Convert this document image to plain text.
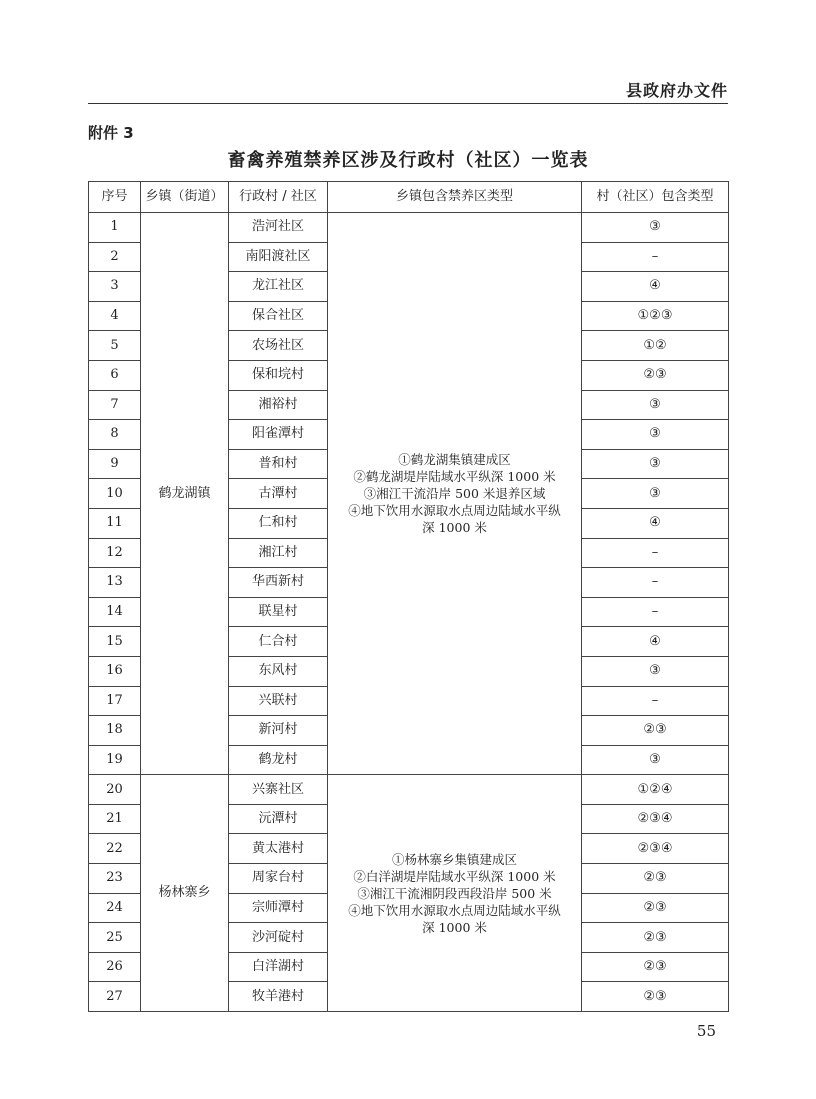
县政府办文件
附件 3
畜禽养殖禁养区涉及行政村（社区）一览表
序号	乡镇（街道）	行政村 / 社区	乡镇包含禁养区类型	村（社区）包含类型
1	鹤龙湖镇	浩河社区	①鹤龙湖集镇建成区
②鹤龙湖堤岸陆域水平纵深 1000 米
③湘江干流沿岸 500 米退养区域
④地下饮用水源取水点周边陆域水平纵
深 1000 米	③
2		南阳渡社区		–
3		龙江社区		④
4		保合社区		①②③
5		农场社区		①②
6		保和垸村		②③
7		湘裕村		③
8		阳雀潭村		③
9		普和村		③
10		古潭村		③
11		仁和村		④
12		湘江村		–
13		华西新村		–
14		联星村		–
15		仁合村		④
16		东风村		③
17		兴联村		–
18		新河村		②③
19		鹤龙村		③
20	杨林寨乡	兴寨社区	①杨林寨乡集镇建成区
②白洋湖堤岸陆域水平纵深 1000 米
③湘江干流湘阴段西段沿岸 500 米
④地下饮用水源取水点周边陆域水平纵
深 1000 米	①②④
21		沅潭村		②③④
22		黄太港村		②③④
23		周家台村		②③
24		宗师潭村		②③
25		沙河碇村		②③
26		白洋湖村		②③
27		牧羊港村		②③
55
